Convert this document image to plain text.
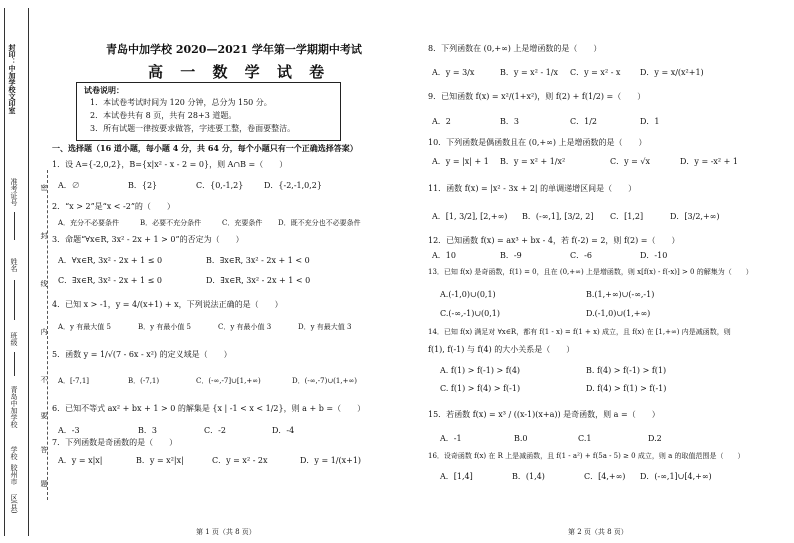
封印：中加学校文印室
密
封
线
内
不
要
答
题
准考证号
姓名
班级
青岛中加学校
学校
胶州市
区(县)
青岛中加学校 2020—2021 学年第一学期期中考试
高 一 数 学 试 卷
试卷说明：
1．本试卷考试时间为 120 分钟，总分为 150 分。
2．本试卷共有 8 页，共有 28+3 道题。
3．所有试题一律按要求做答，字迹要工整，卷面要整洁。
一、选择题（16 道小题，每小题 4 分，共 64 分，每个小题只有一个正确选择答案）
1．设 A={-2,0,2}，B={x|x² - x - 2 = 0}，则 A∩B =（　　）
A．∅	B．{2}	C．{0,-1,2}	D．{-2,-1,0,2}
2．“x > 2”是“x < -2”的（　　）
A．充分不必要条件	B．必要不充分条件	C．充要条件 D．既不充分也不必要条件
3．命题“∀x∈R, 3x² - 2x + 1 > 0”的否定为（　　）
A．∀x∈R, 3x² - 2x + 1 ≤ 0	B．∃x∈R, 3x² - 2x + 1 < 0
C．∃x∈R, 3x² - 2x + 1 ≤ 0	D．∃x∈R, 3x² - 2x + 1 < 0
4．已知 x > -1，y = 4/(x+1) + x，下列说法正确的是（　　）
A．y 有最大值 5	B．y 有最小值 5	C．y 有最小值 3	D．y 有最大值 3
5．函数 y = 1/√(7 - 6x - x²) 的定义域是（　　）
A．[-7,1]	B．(-7,1)	C．(-∞,-7]∪[1,+∞)	D．(-∞,-7)∪(1,+∞)
6．已知不等式 ax² + bx + 1 > 0 的解集是 {x | -1 < x < 1/2}，则 a + b =（　　）
A．-3	B．3	C．-2	D．-4
7．下列函数是奇函数的是（　　）
A．y = x|x|	B．y = x²|x|	C．y = x² - 2x	D．y = 1/(x+1)
第 1 页（共 8 页）
8．下列函数在 (0,+∞) 上是增函数的是（　　）
A．y = 3/x	B．y = x² - 1/x C．y = x² - x D．y = x/(x²+1)
9．已知函数 f(x) = x²/(1+x²)，则 f(2) + f(1/2) =（　　）
A．2	B．3	C．1/2	D．1
10．下列函数是偶函数且在 (0,+∞) 上是增函数的是（　　）
A．y = |x| + 1 B．y = x² + 1/x²	C．y = √x	D．y = -x² + 1
11．函数 f(x) = |x² - 3x + 2| 的单调递增区间是（　　）
A．[1, 3/2], [2,+∞) B．(-∞,1], [3/2, 2] C．[1,2]	D．[3/2,+∞)
12．已知函数 f(x) = ax³ + bx - 4，若 f(-2) = 2，则 f(2) =（　　）
A．10	B．-9	C．-6	D．-10
13．已知 f(x) 是奇函数，f(1) = 0，且在 (0,+∞) 上是增函数，则 x[f(x) - f(-x)] > 0 的解集为（　　）
A.(-1,0)∪(0,1)	B.(1,+∞)∪(-∞,-1)
C.(-∞,-1)∪(0,1)	D.(-1,0)∪(1,+∞)
14．已知 f(x) 满足对 ∀x∈R，都有 f(1 - x) = f(1 + x) 成立，且 f(x) 在 [1,+∞) 内是减函数，则
f(1), f(-1) 与 f(4) 的大小关系是（　　）
A. f(1) > f(-1) > f(4)	B. f(4) > f(-1) > f(1)
C. f(1) > f(4) > f(-1)	D. f(4) > f(1) > f(-1)
15．若函数 f(x) = x³ / ((x-1)(x+a)) 是奇函数，则 a =（　　）
A．-1	B.0	C.1	D.2
16．设奇函数 f(x) 在 R 上是减函数，且 f(1 - a²) + f(5a - 5) ≥ 0 成立，则 a 的取值范围是（　　）
A．[1,4]	B．(1,4)	C．[4,+∞) D．(-∞,1]∪[4,+∞)
第 2 页（共 8 页）
